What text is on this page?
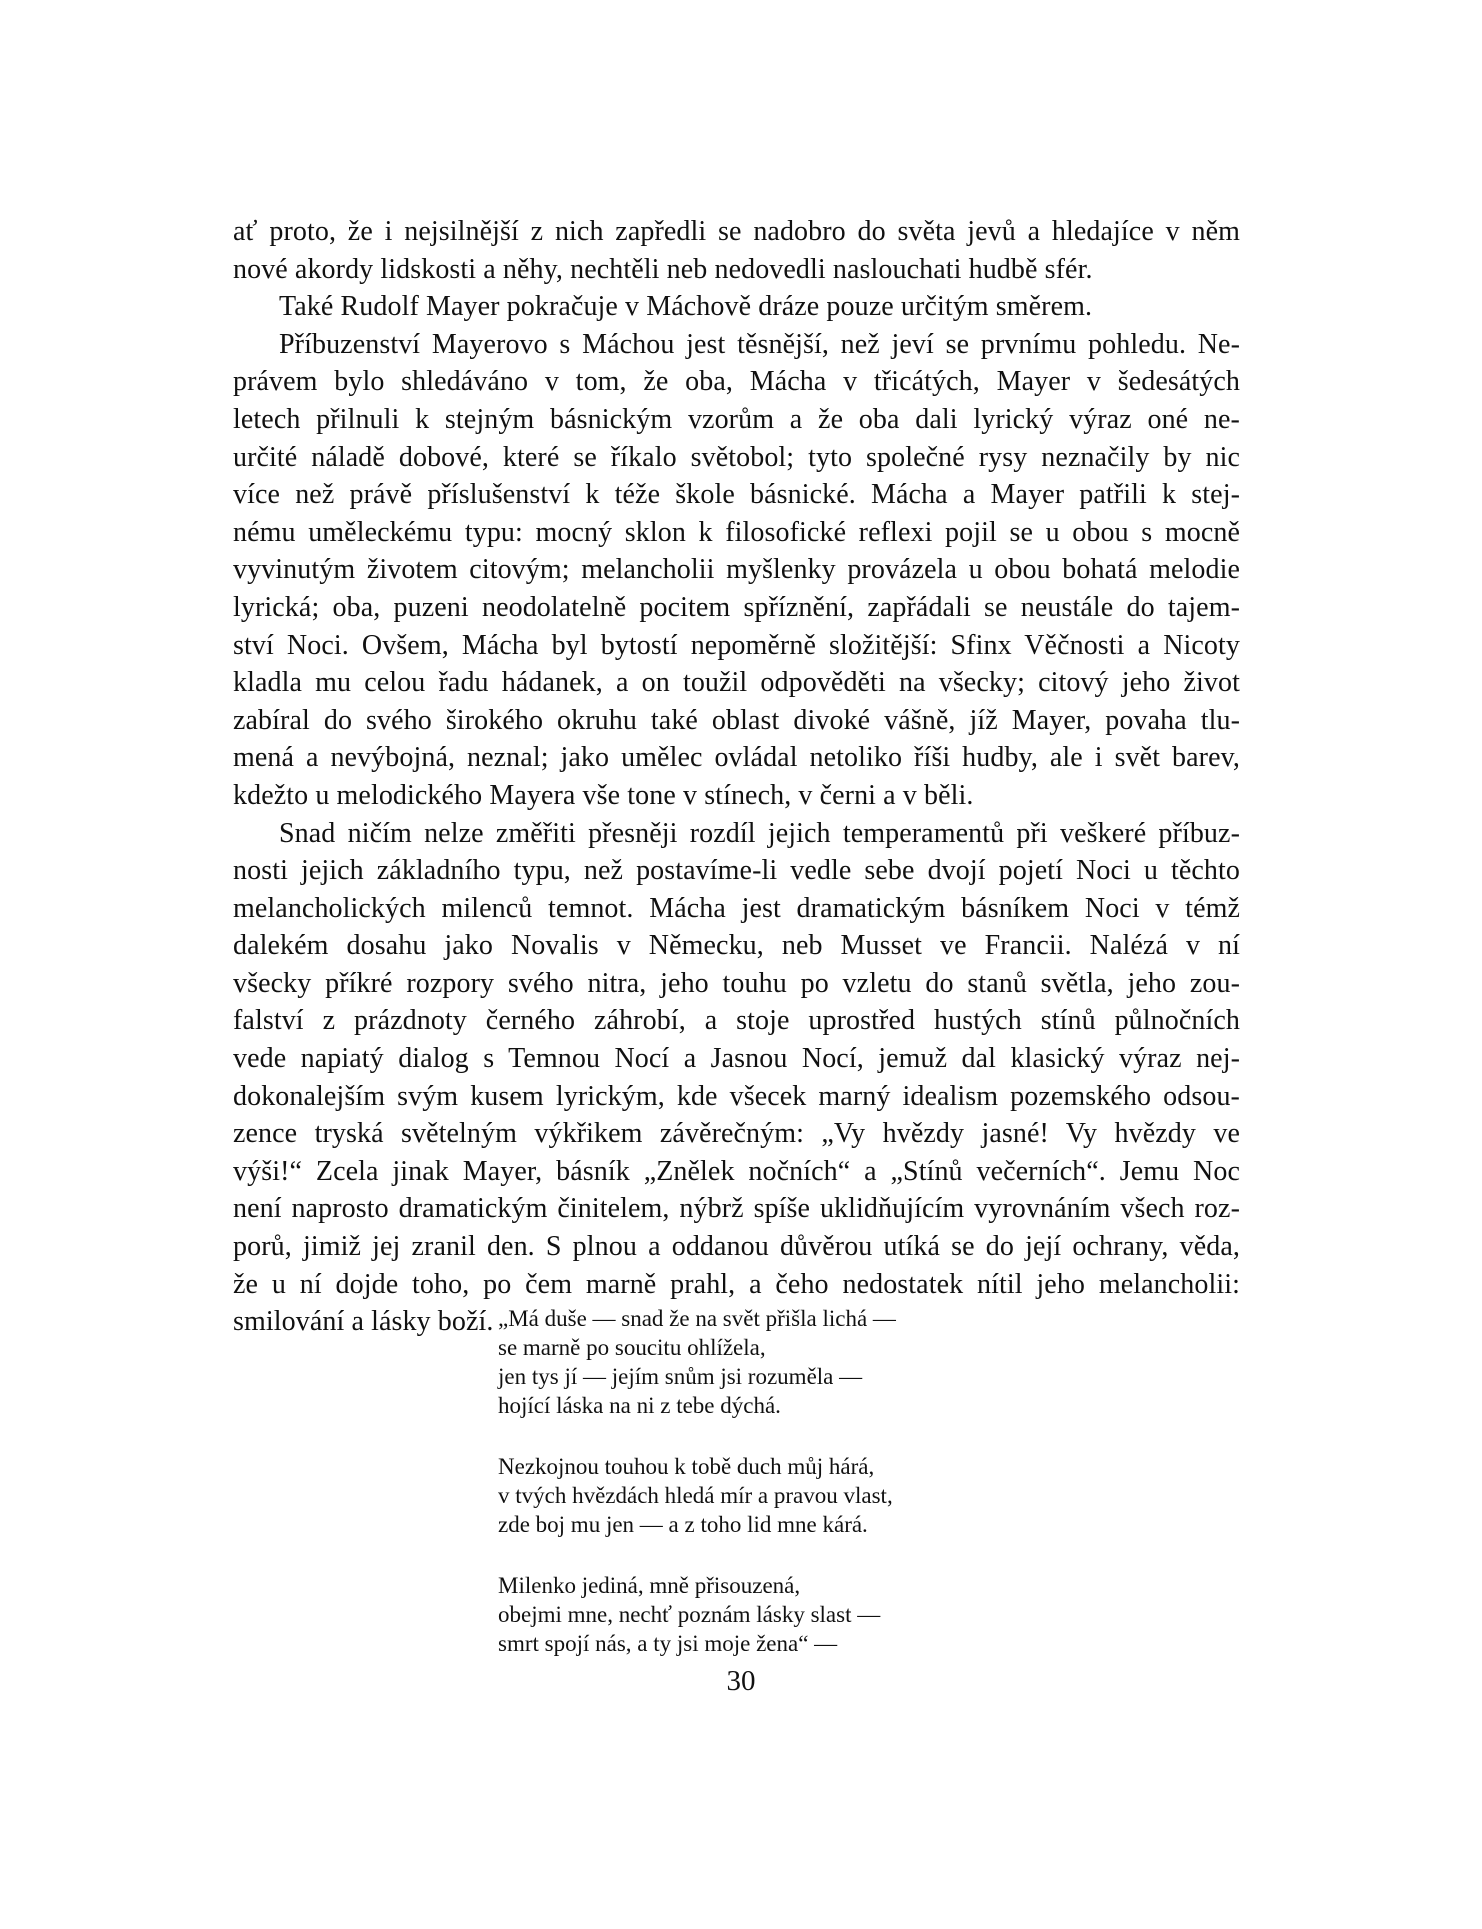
ať proto, že i nejsilnější z nich zapředli se nadobro do světa jevů a hledajíce v něm
nové akordy lidskosti a něhy, nechtěli neb nedovedli naslouchati hudbě sfér.

Také Rudolf Mayer pokračuje v Máchově dráze pouze určitým směrem.

Příbuzenství Mayerovo s Máchou jest těsnější, než jeví se prvnímu pohledu. Ne-
právem bylo shledáváno v tom, že oba, Mácha v třicátých, Mayer v šedesátých
letech přilnuli k stejným básnickým vzorům a že oba dali lyrický výraz oné ne-
určité náladě dobové, které se říkalo světobol; tyto společné rysy neznačily by nic
více než právě příslušenství k téže škole básnické. Mácha a Mayer patřili k stej-
nému uměleckému typu: mocný sklon k filosofické reflexi pojil se u obou s mocně
vyvinutým životem citovým; melancholii myšlenky provázela u obou bohatá melodie
lyrická; oba, puzeni neodolatelně pocitem spříznění, zapřádali se neustále do tajem-
ství Noci. Ovšem, Mácha byl bytostí nepoměrně složitější: Sfinx Věčnosti a Nicoty
kladla mu celou řadu hádanek, a on toužil odpověděti na všecky; citový jeho život
zabíral do svého širokého okruhu také oblast divoké vášně, jíž Mayer, povaha tlu-
mená a nevýbojná, neznal; jako umělec ovládal netoliko říši hudby, ale i svět barev,
kdežto u melodického Mayera vše tone v stínech, v černi a v běli.

Snad ničím nelze změřiti přesněji rozdíl jejich temperamentů při veškeré příbuz-
nosti jejich základního typu, než postavíme-li vedle sebe dvojí pojetí Noci u těchto
melancholických milenců temnot. Mácha jest dramatickým básníkem Noci v témž
dalekém dosahu jako Novalis v Německu, neb Musset ve Francii. Nalézá v ní
všecky příkré rozpory svého nitra, jeho touhu po vzletu do stanů světla, jeho zou-
falství z prázdnoty černého záhrobí, a stoje uprostřed hustých stínů půlnočních
vede napiatý dialog s Temnou Nocí a Jasnou Nocí, jemuž dal klasický výraz nej-
dokonalejším svým kusem lyrickým, kde všecek marný idealism pozemského odsou-
zence tryská světelným výkřikem závěrečným: „Vy hvězdy jasné! Vy hvězdy ve
výši!“ Zcela jinak Mayer, básník „Znělek nočních“ a „Stínů večerních“. Jemu Noc
není naprosto dramatickým činitelem, nýbrž spíše uklidňujícím vyrovnáním všech roz-
porů, jimiž jej zranil den. S plnou a oddanou důvěrou utíká se do její ochrany, věda,
že u ní dojde toho, po čem marně prahl, a čeho nedostatek nítil jeho melancholii:
smilování a lásky boží. „Má duše — snad že na svět přišla lichá —
se marně po soucitu ohlížela,
jen tys jí — jejím snům jsi rozuměla —
hojící láska na ni z tebe dýchá.
Nezkojnou touhou k tobě duch můj hárá,
v tvých hvězdách hledá mír a pravou vlast,
zde boj mu jen — a z toho lid mne kárá.
Milenko jediná, mně přisouzená,
obejmi mne, nechť poznám lásky slast —
smrt spojí nás, a ty jsi moje žena“ —
30
